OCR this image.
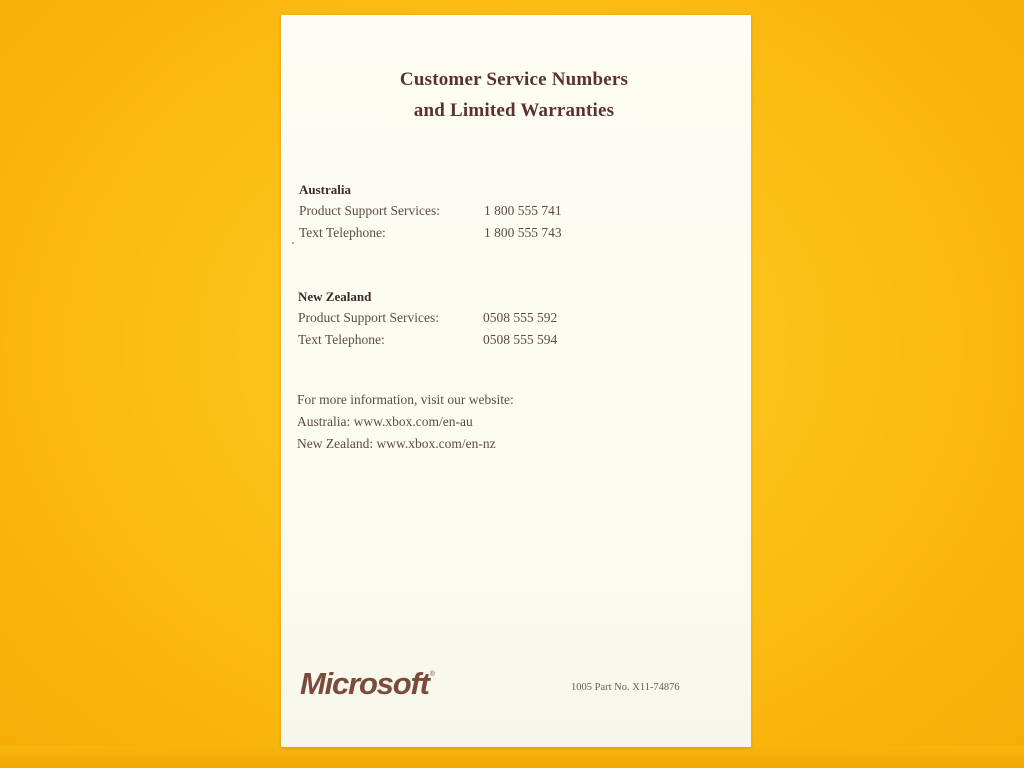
Customer Service Numbers
and Limited Warranties
Australia
Product Support Services:	1 800 555 741
Text Telephone:	1 800 555 743
New Zealand
Product Support Services:	0508 555 592
Text Telephone:	0508 555 594
For more information, visit our website:
Australia: www.xbox.com/en-au
New Zealand: www.xbox.com/en-nz
Microsoft®
1005 Part No. X11-74876
